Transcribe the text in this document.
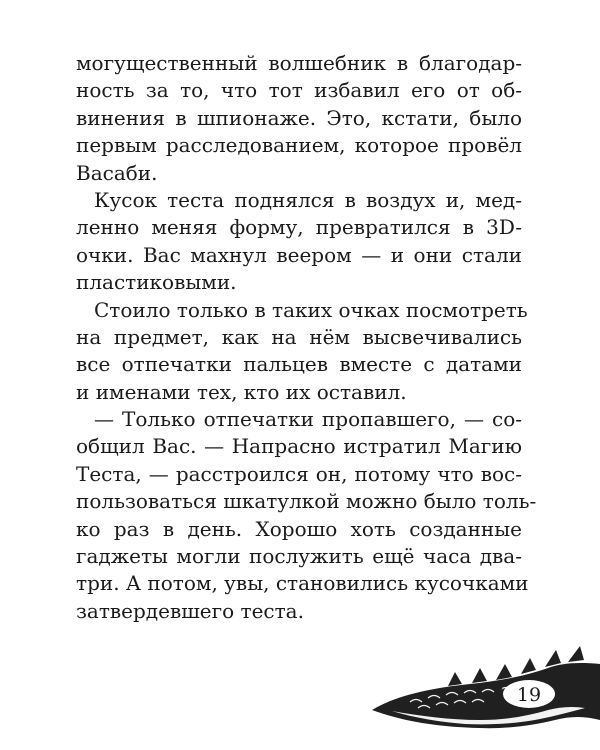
могущественный волшебник в благодар-
ность за то, что тот избавил его от об-
винения в шпионаже. Это, кстати, было
первым расследованием, которое провёл
Васаби.
Кусок теста поднялся в воздух и, мед-
ленно меняя форму, превратился в 3D-
очки. Вас махнул веером — и они стали
пластиковыми.
Стоило только в таких очках посмотреть
на предмет, как на нём высвечивались
все отпечатки пальцев вместе с датами
и именами тех, кто их оставил.
— Только отпечатки пропавшего, — со-
общил Вас. — Напрасно истратил Магию
Теста, — расстроился он, потому что вос-
пользоваться шкатулкой можно было толь-
ко раз в день. Хорошо хоть созданные
гаджеты могли послужить ещё часа два-
три. А потом, увы, становились кусочками
затвердевшего теста.
19
